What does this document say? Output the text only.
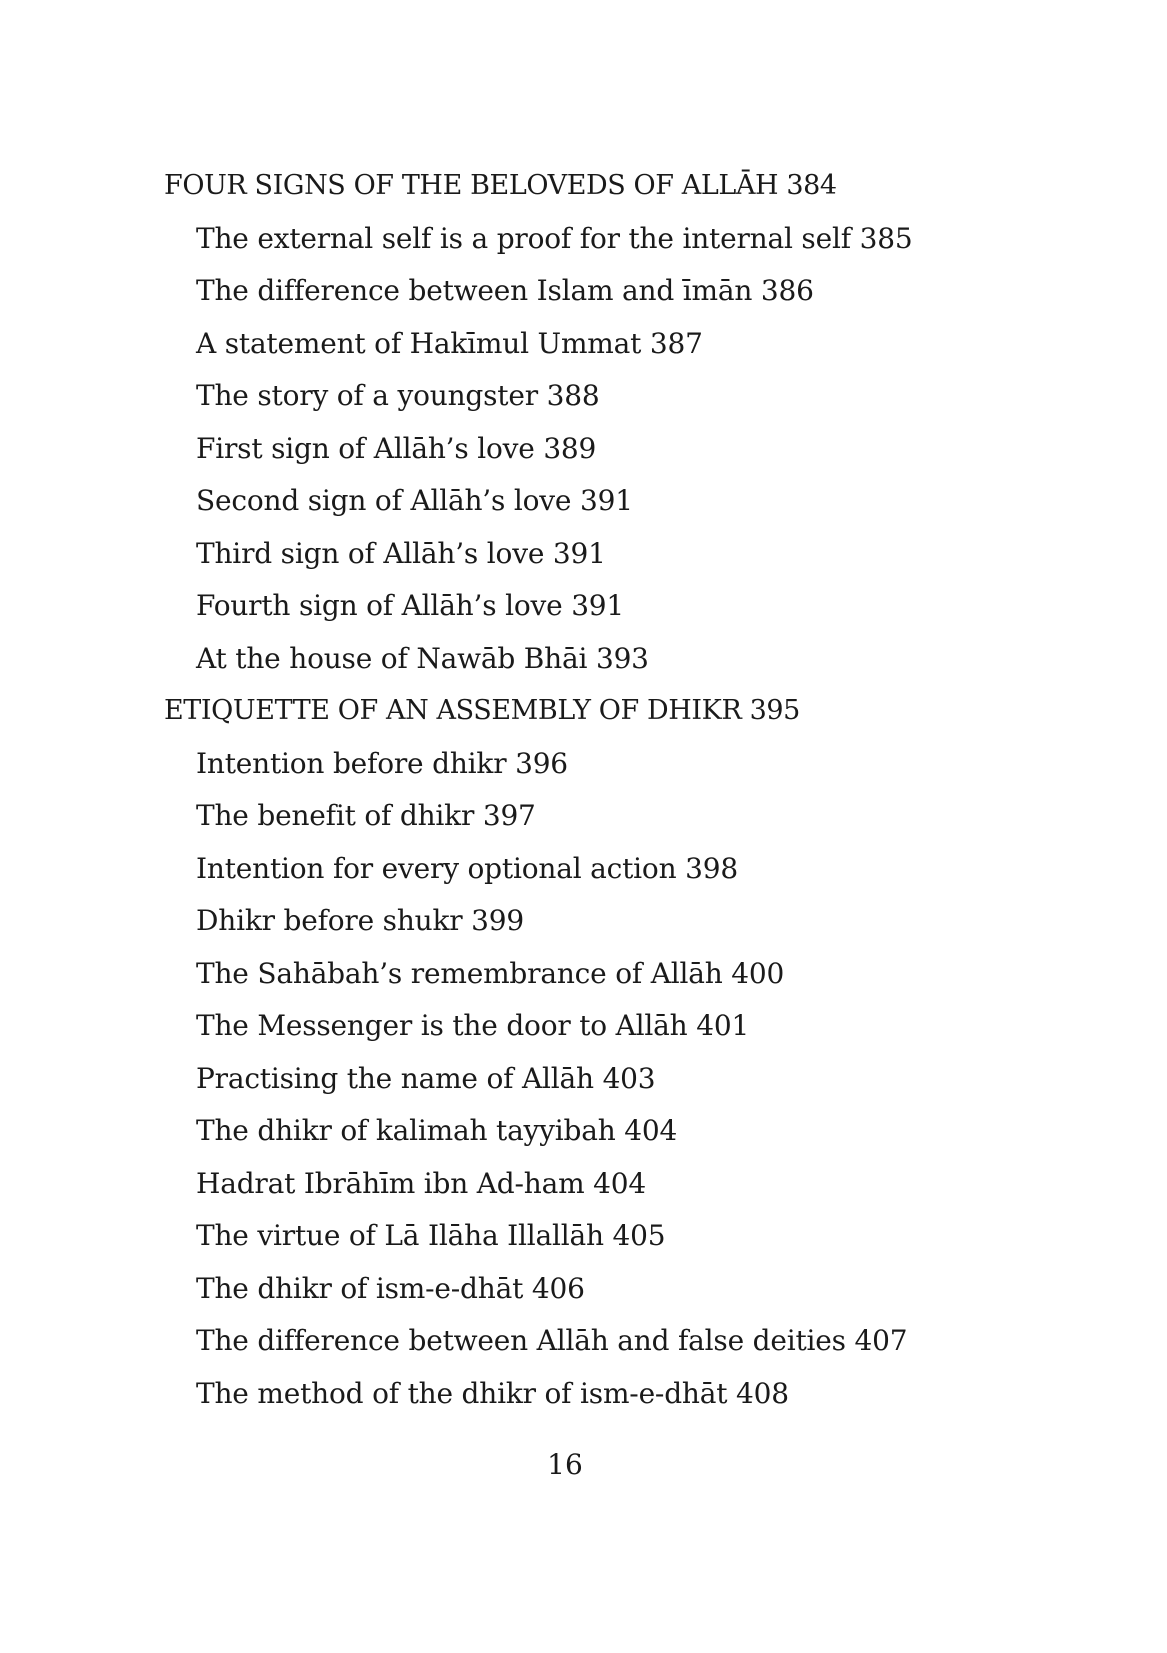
FOUR SIGNS OF THE BELOVEDS OF ALLĀH 384
The external self is a proof for the internal self 385
The difference between Islam and īmān 386
A statement of Hakīmul Ummat 387
The story of a youngster 388
First sign of Allāh’s love 389
Second sign of Allāh’s love 391
Third sign of Allāh’s love 391
Fourth sign of Allāh’s love 391
At the house of Nawāb Bhāi 393
ETIQUETTE OF AN ASSEMBLY OF DHIKR 395
Intention before dhikr 396
The benefit of dhikr 397
Intention for every optional action 398
Dhikr before shukr 399
The Sahābah’s remembrance of Allāh 400
The Messenger is the door to Allāh 401
Practising the name of Allāh 403
The dhikr of kalimah tayyibah 404
Hadrat Ibrāhīm ibn Ad-ham 404
The virtue of Lā Ilāha Illallāh 405
The dhikr of ism-e-dhāt 406
The difference between Allāh and false deities 407
The method of the dhikr of ism-e-dhāt 408
16
